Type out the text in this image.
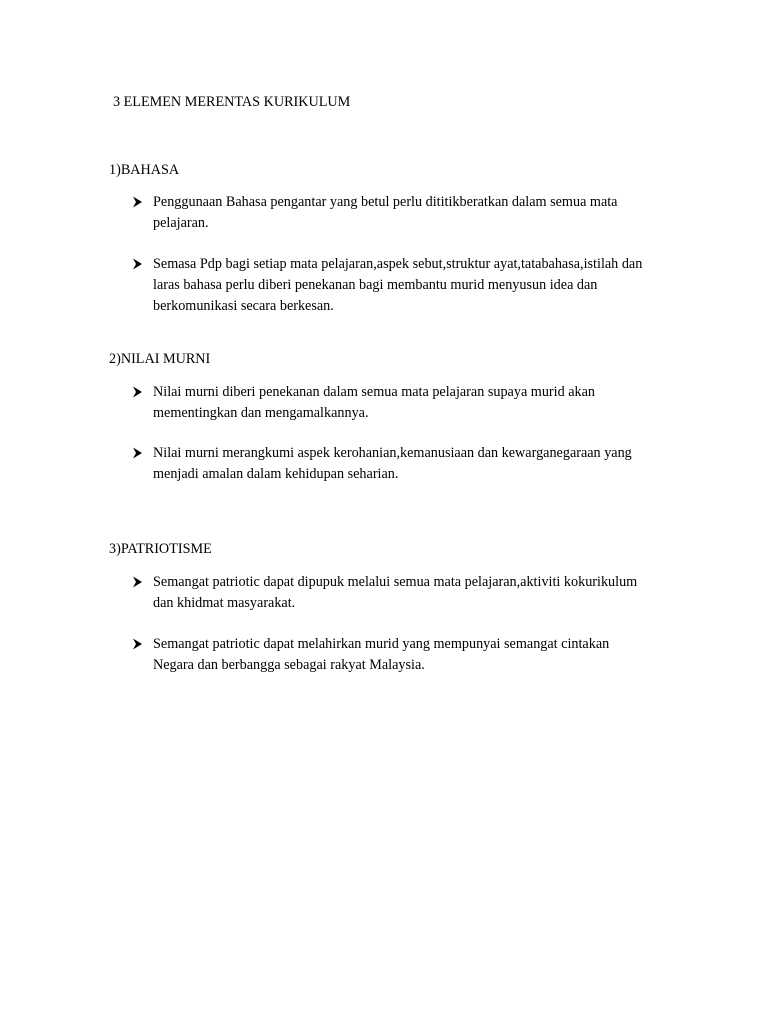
3 ELEMEN MERENTAS KURIKULUM
1)BAHASA
Penggunaan Bahasa pengantar yang betul perlu dititikberatkan dalam semua mata
pelajaran.
Semasa Pdp bagi setiap mata pelajaran,aspek sebut,struktur ayat,tatabahasa,istilah dan
laras bahasa perlu diberi penekanan bagi membantu murid menyusun idea dan
berkomunikasi secara berkesan.
2)NILAI MURNI
Nilai murni diberi penekanan dalam semua mata pelajaran supaya murid akan
mementingkan dan mengamalkannya.
Nilai murni merangkumi aspek kerohanian,kemanusiaan dan kewarganegaraan yang
menjadi amalan dalam kehidupan seharian.
3)PATRIOTISME
Semangat patriotic dapat dipupuk melalui semua mata pelajaran,aktiviti kokurikulum
dan khidmat masyarakat.
Semangat patriotic dapat melahirkan murid yang mempunyai semangat cintakan
Negara dan berbangga sebagai rakyat Malaysia.
